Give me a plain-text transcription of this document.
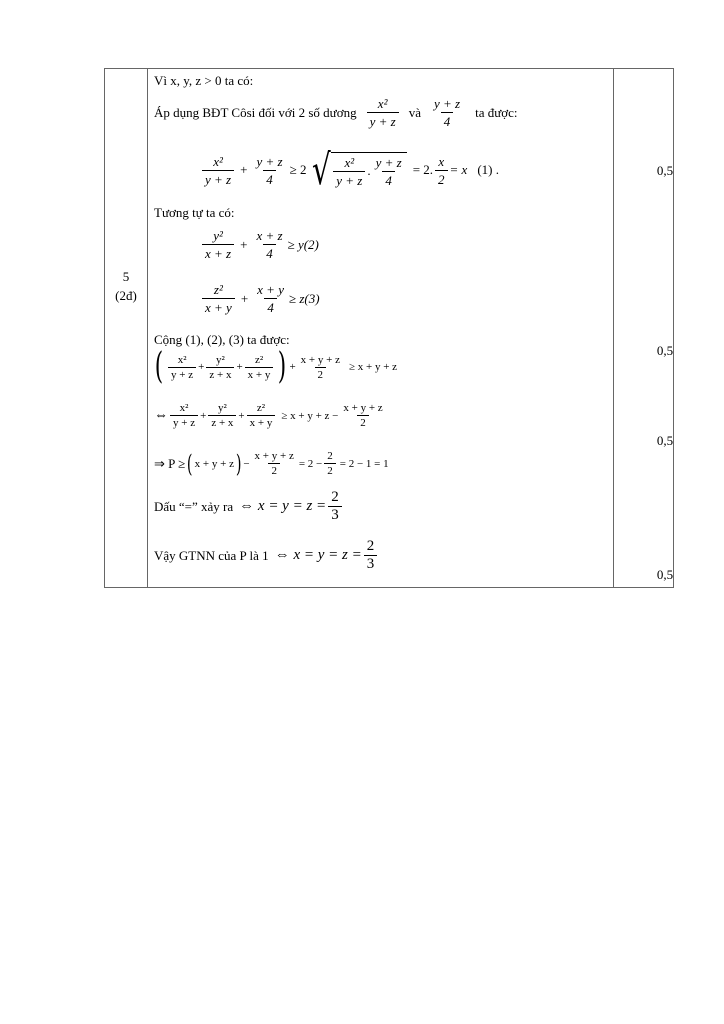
5
(2đ)
Vì x, y, z > 0 ta có:
Áp dụng BĐT Côsi đối với 2 số dương $\frac{\text{x²}}{y + z}$ và $\frac{y + z}{4}$ ta được:
$\frac{\text{x²}}{y + z} + \frac{y + z}{4} \ge 2$ √ $\frac{\text{x²}}{y + z}$ . $\frac{y + z}{4} = 2$. $\frac{x}{2} = x$ (1) .
Tương tự ta có:
$\frac{\text{y²}}{x + z} + \frac{x + z}{4} \ge y(2)$
$\frac{\text{z²}}{x + y} + \frac{x + y}{4} \ge z(3)$
Cộng (1), (2), (3) ta được:
( $\frac{\text{x²}}{y + z} + \frac{\text{y²}}{z + x} + \frac{\text{z²}}{x + y}$ ) + $\frac{x + y + z}{2} \ge x + y + z$
⇔ $\frac{\text{x²}}{y + z} + \frac{\text{y²}}{z + x} + \frac{\text{z²}}{x + y} \ge x + y + z - \frac{x + y + z}{2}$
⇒ P ≥ ( x + y + z ) − $\frac{x + y + z}{2} = 2 - \frac{2}{2} = 2 - 1 = 1$
Dấu “=” xảy ra ⇔ $x = y = z = \frac{2}{3}$
Vậy GTNN của P là 1 ⇔ $x = y = z = \frac{2}{3}$
0,5
0,5
0,5
0,5
